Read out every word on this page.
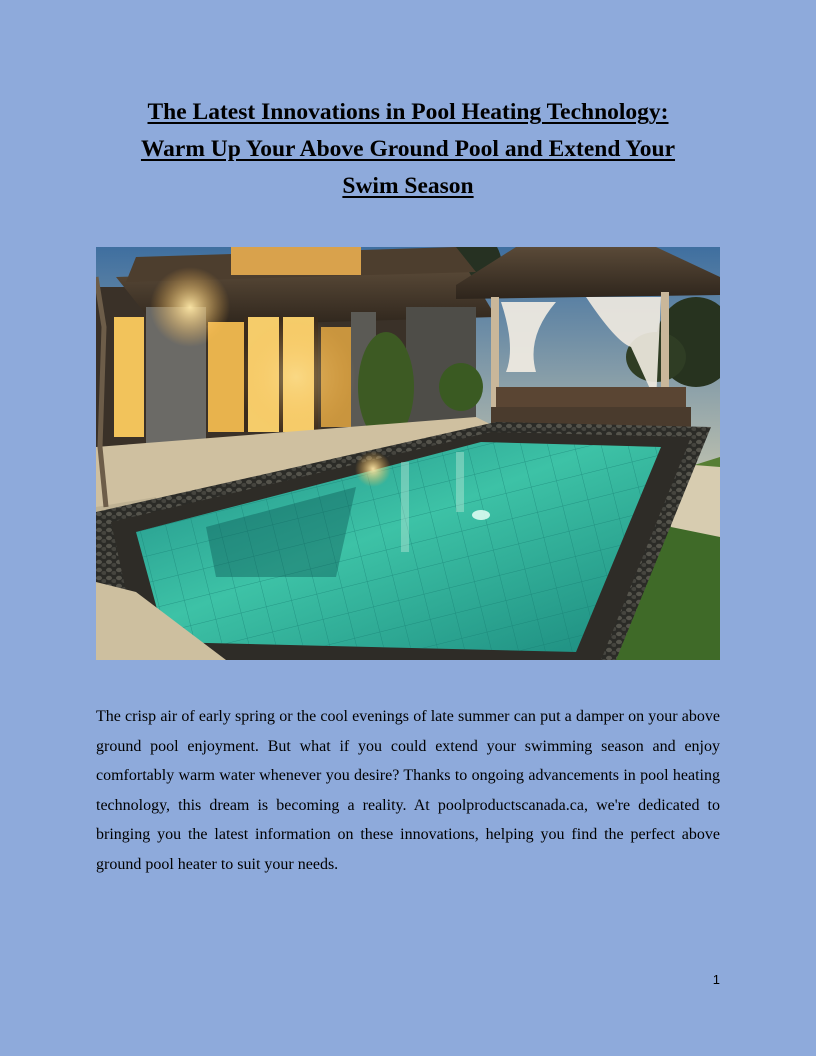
The Latest Innovations in Pool Heating Technology:
Warm Up Your Above Ground Pool and Extend Your
Swim Season

The crisp air of early spring or the cool evenings of late summer can put a damper on your above ground pool enjoyment. But what if you could extend your swimming season and enjoy comfortably warm water whenever you desire? Thanks to ongoing advancements in pool heating technology, this dream is becoming a reality. At poolproductscanada.ca, we're dedicated to bringing you the latest information on these innovations, helping you find the perfect above ground pool heater to suit your needs.

1
